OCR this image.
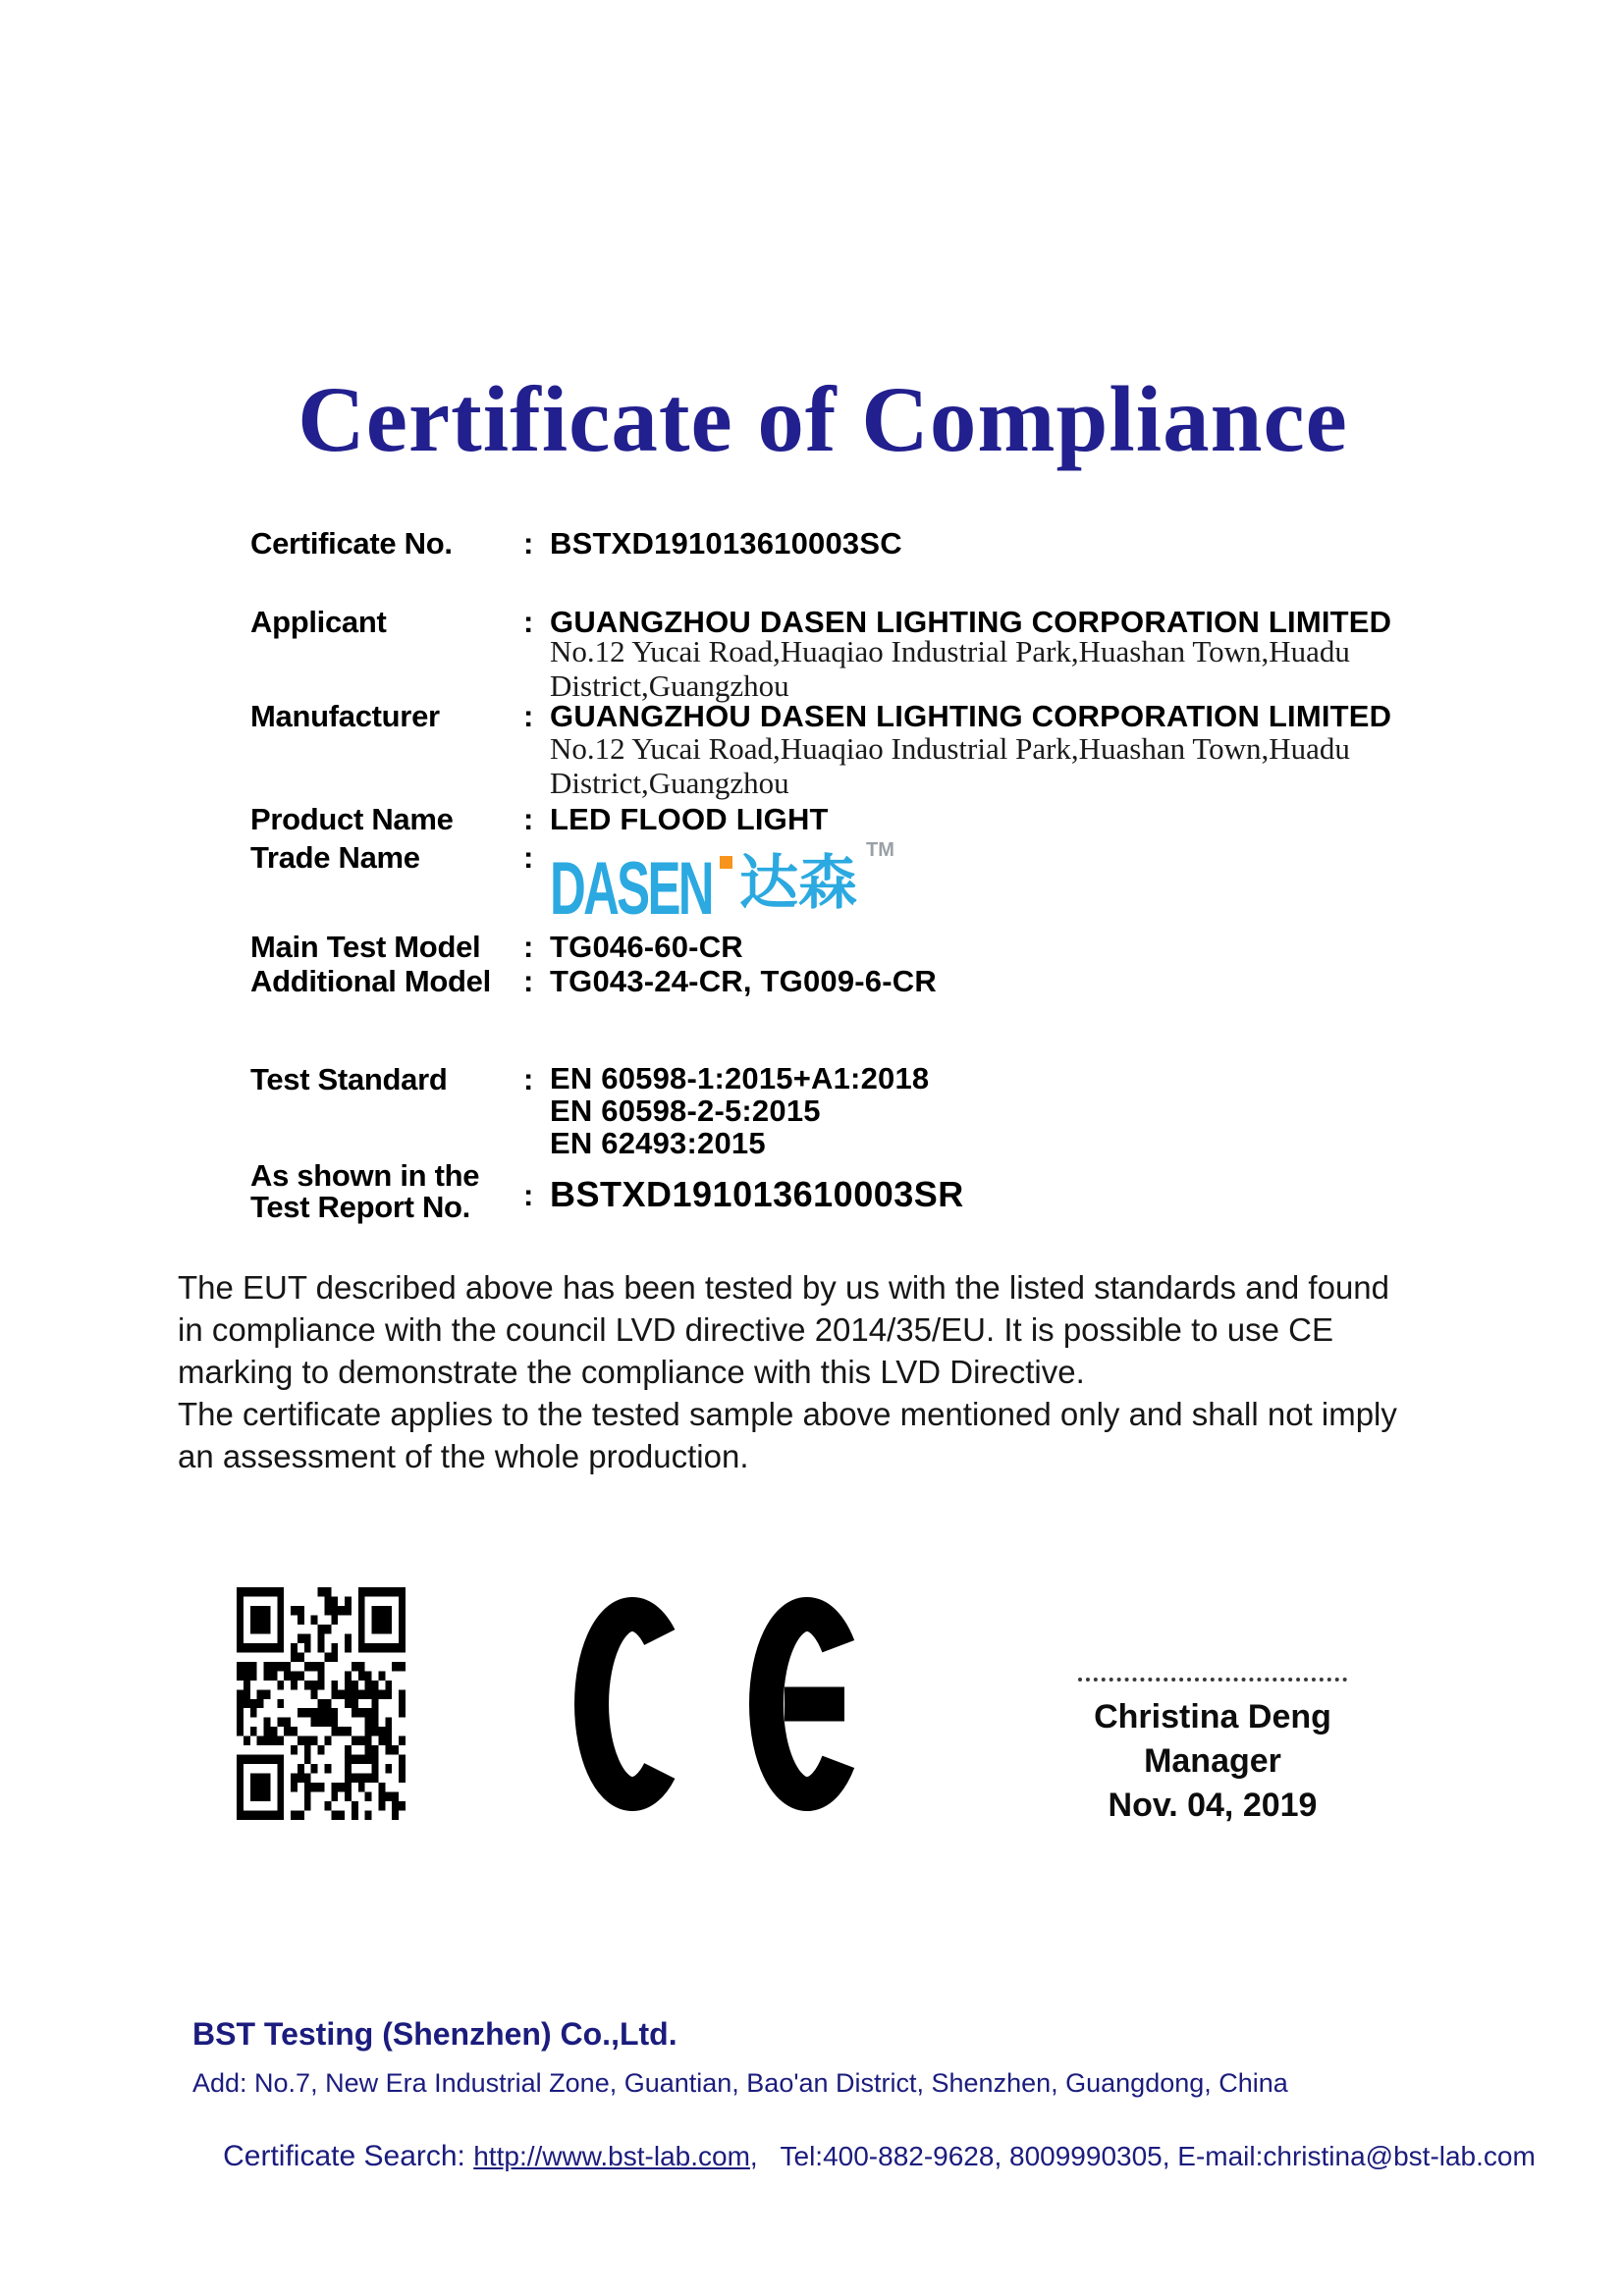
Certificate of Compliance
Certificate No.	: BSTXD191013610003SC
Applicant	: GUANGZHOU DASEN LIGHTING CORPORATION LIMITED
No.12 Yucai Road,Huaqiao Industrial Park,Huashan Town,Huadu
District,Guangzhou
Manufacturer	: GUANGZHOU DASEN LIGHTING CORPORATION LIMITED
No.12 Yucai Road,Huaqiao Industrial Park,Huashan Town,Huadu
District,Guangzhou
Product Name	: LED FLOOD LIGHT
Trade Name	: DASEN 达森 TM
Main Test Model	: TG046-60-CR
Additional Model	: TG043-24-CR, TG009-6-CR
Test Standard	: EN 60598-1:2015+A1:2018
EN 60598-2-5:2015
EN 62493:2015
As shown in the
Test Report No.	: BSTXD191013610003SR
The EUT described above has been tested by us with the listed standards and found
in compliance with the council LVD directive 2014/35/EU. It is possible to use CE
marking to demonstrate the compliance with this LVD Directive.
The certificate applies to the tested sample above mentioned only and shall not imply
an assessment of the whole production.
Christina Deng
Manager
Nov. 04, 2019
BST Testing (Shenzhen) Co.,Ltd.
Add: No.7, New Era Industrial Zone, Guantian, Bao'an District, Shenzhen, Guangdong, China

Certificate Search: http://www.bst-lab.com,   Tel:400-882-9628, 8009990305, E-mail:christina@bst-lab.com
